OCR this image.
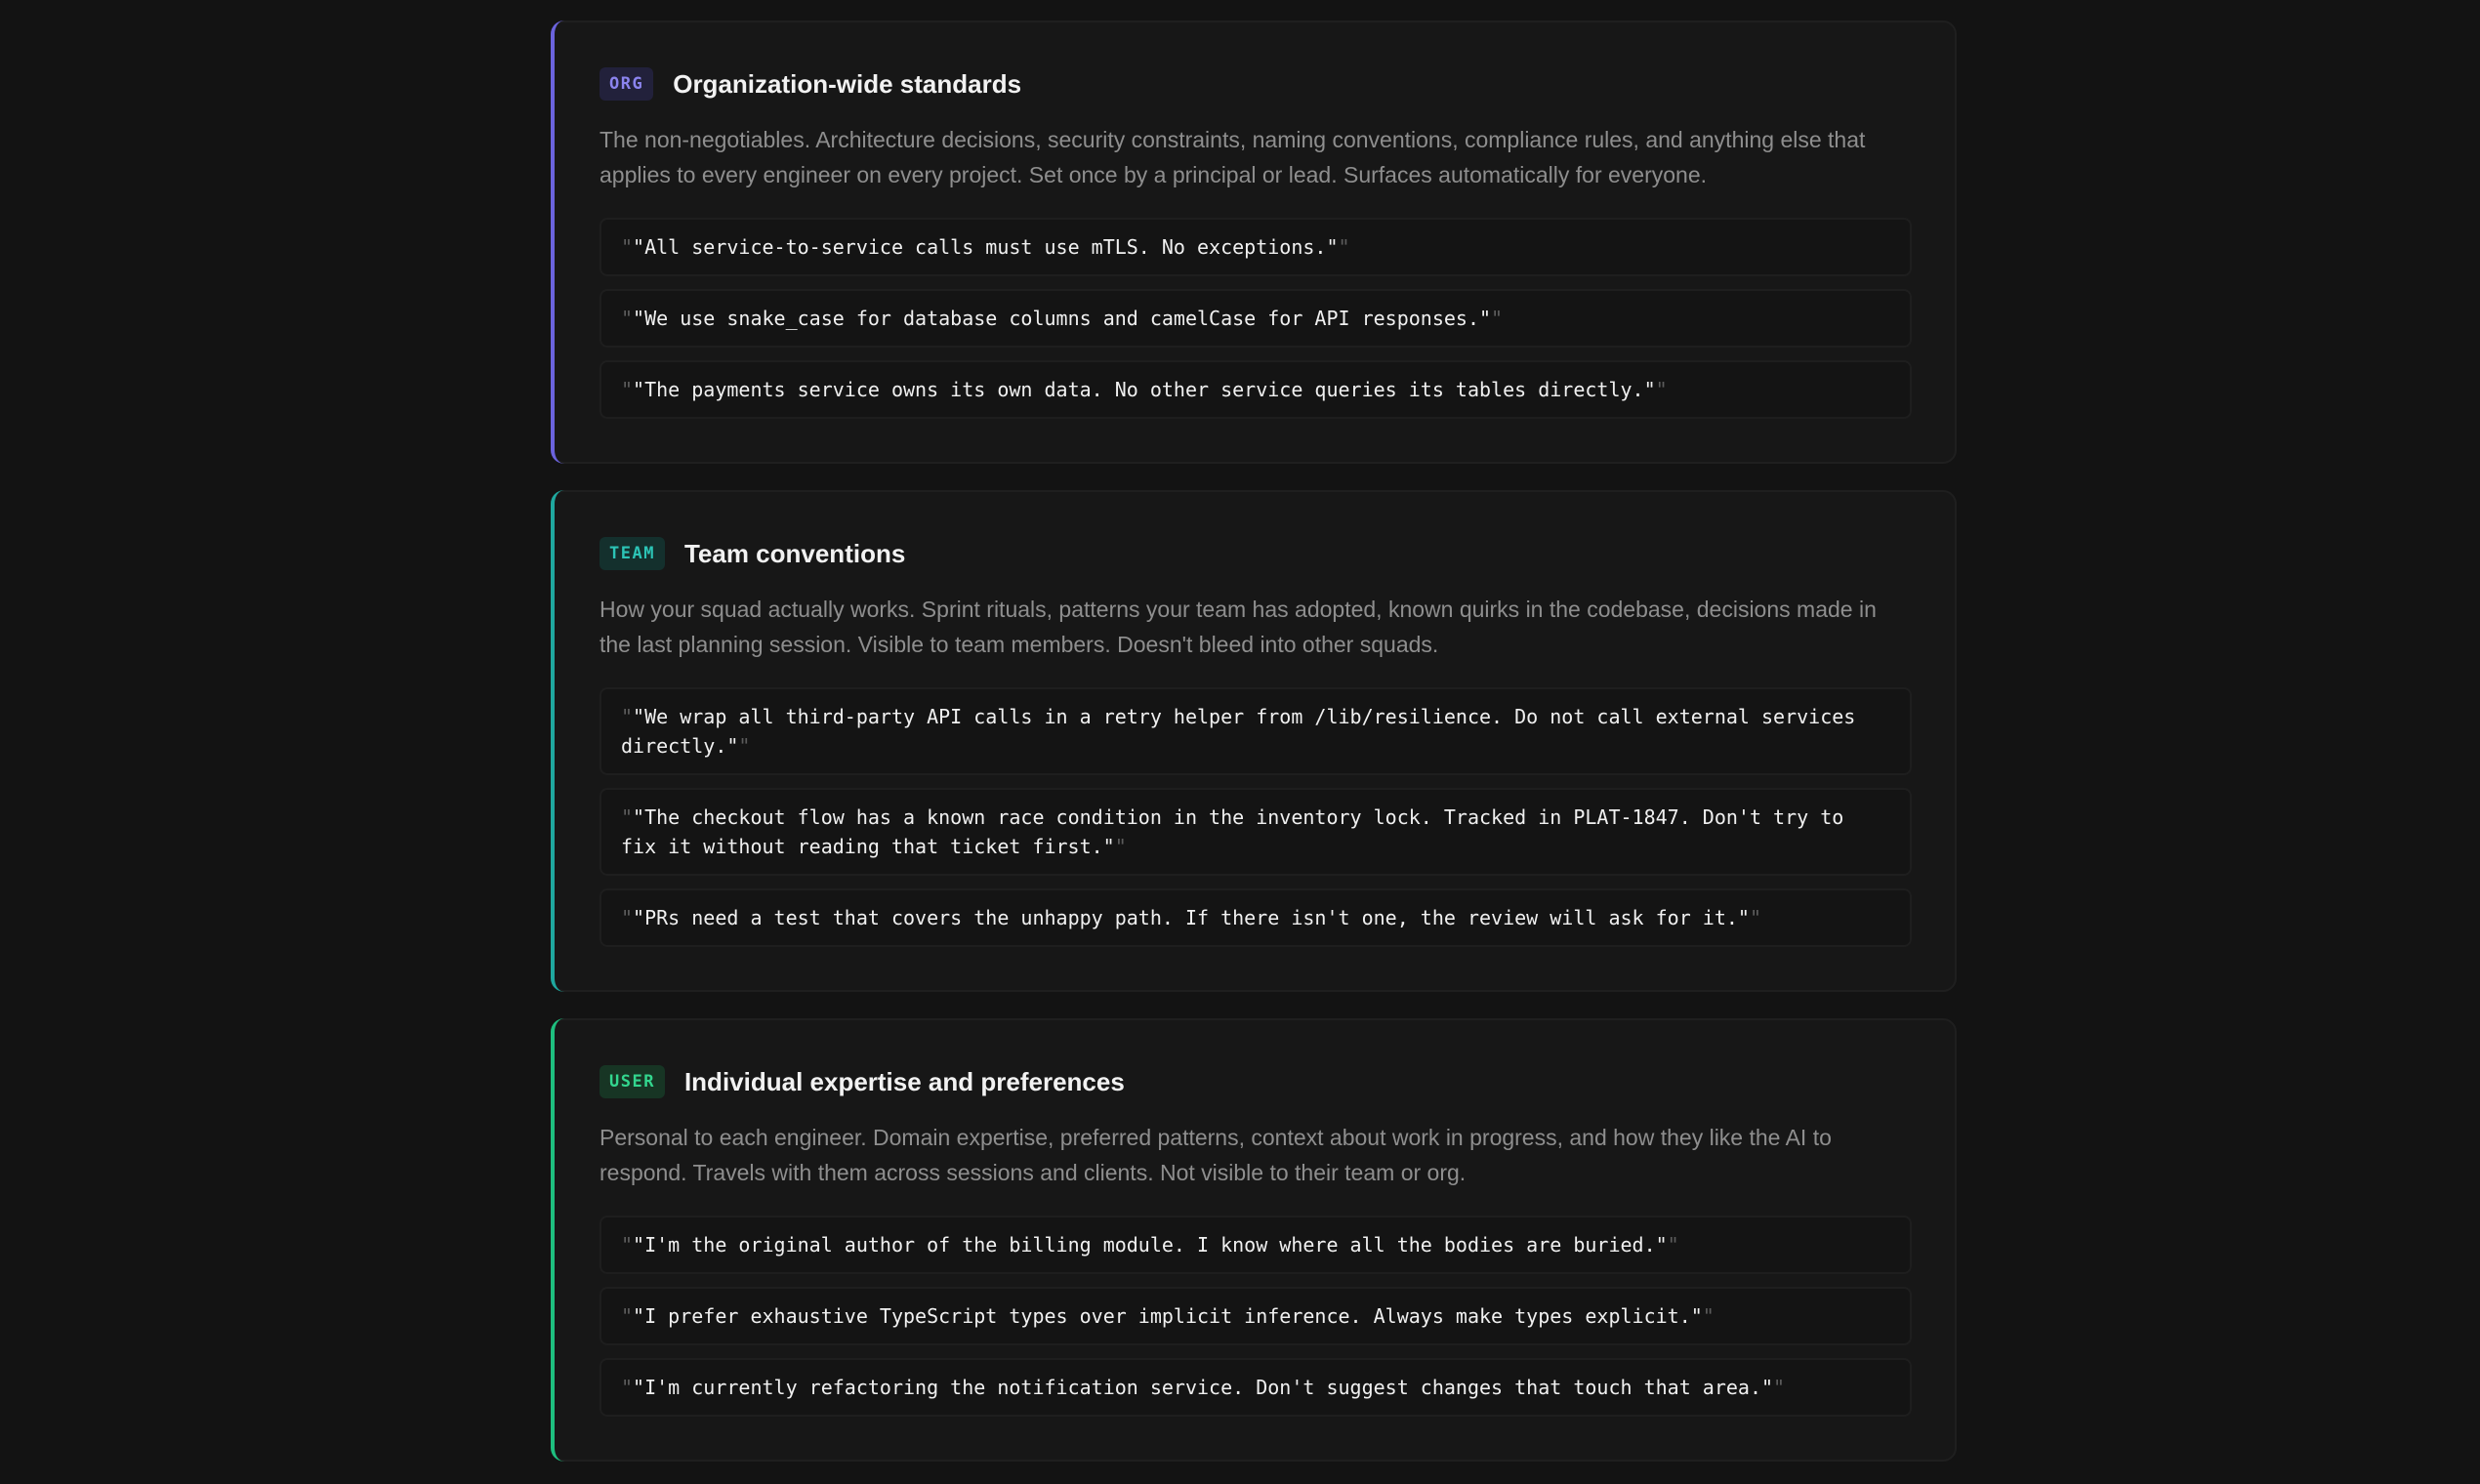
ORG	Organization-wide standards

The non-negotiables. Architecture decisions, security constraints, naming conventions, compliance rules, and anything else that applies to every engineer on every project. Set once by a principal or lead. Surfaces automatically for everyone.

""All service-to-service calls must use mTLS. No exceptions.""
""We use snake_case for database columns and camelCase for API responses.""
""The payments service owns its own data. No other service queries its tables directly.""
TEAM	Team conventions

How your squad actually works. Sprint rituals, patterns your team has adopted, known quirks in the codebase, decisions made in the last planning session. Visible to team members. Doesn't bleed into other squads.

""We wrap all third-party API calls in a retry helper from /lib/resilience. Do not call external services directly.""
""The checkout flow has a known race condition in the inventory lock. Tracked in PLAT-1847. Don't try to fix it without reading that ticket first.""
""PRs need a test that covers the unhappy path. If there isn't one, the review will ask for it.""
USER	Individual expertise and preferences

Personal to each engineer. Domain expertise, preferred patterns, context about work in progress, and how they like the AI to respond. Travels with them across sessions and clients. Not visible to their team or org.

""I'm the original author of the billing module. I know where all the bodies are buried.""
""I prefer exhaustive TypeScript types over implicit inference. Always make types explicit.""
""I'm currently refactoring the notification service. Don't suggest changes that touch that area.""
